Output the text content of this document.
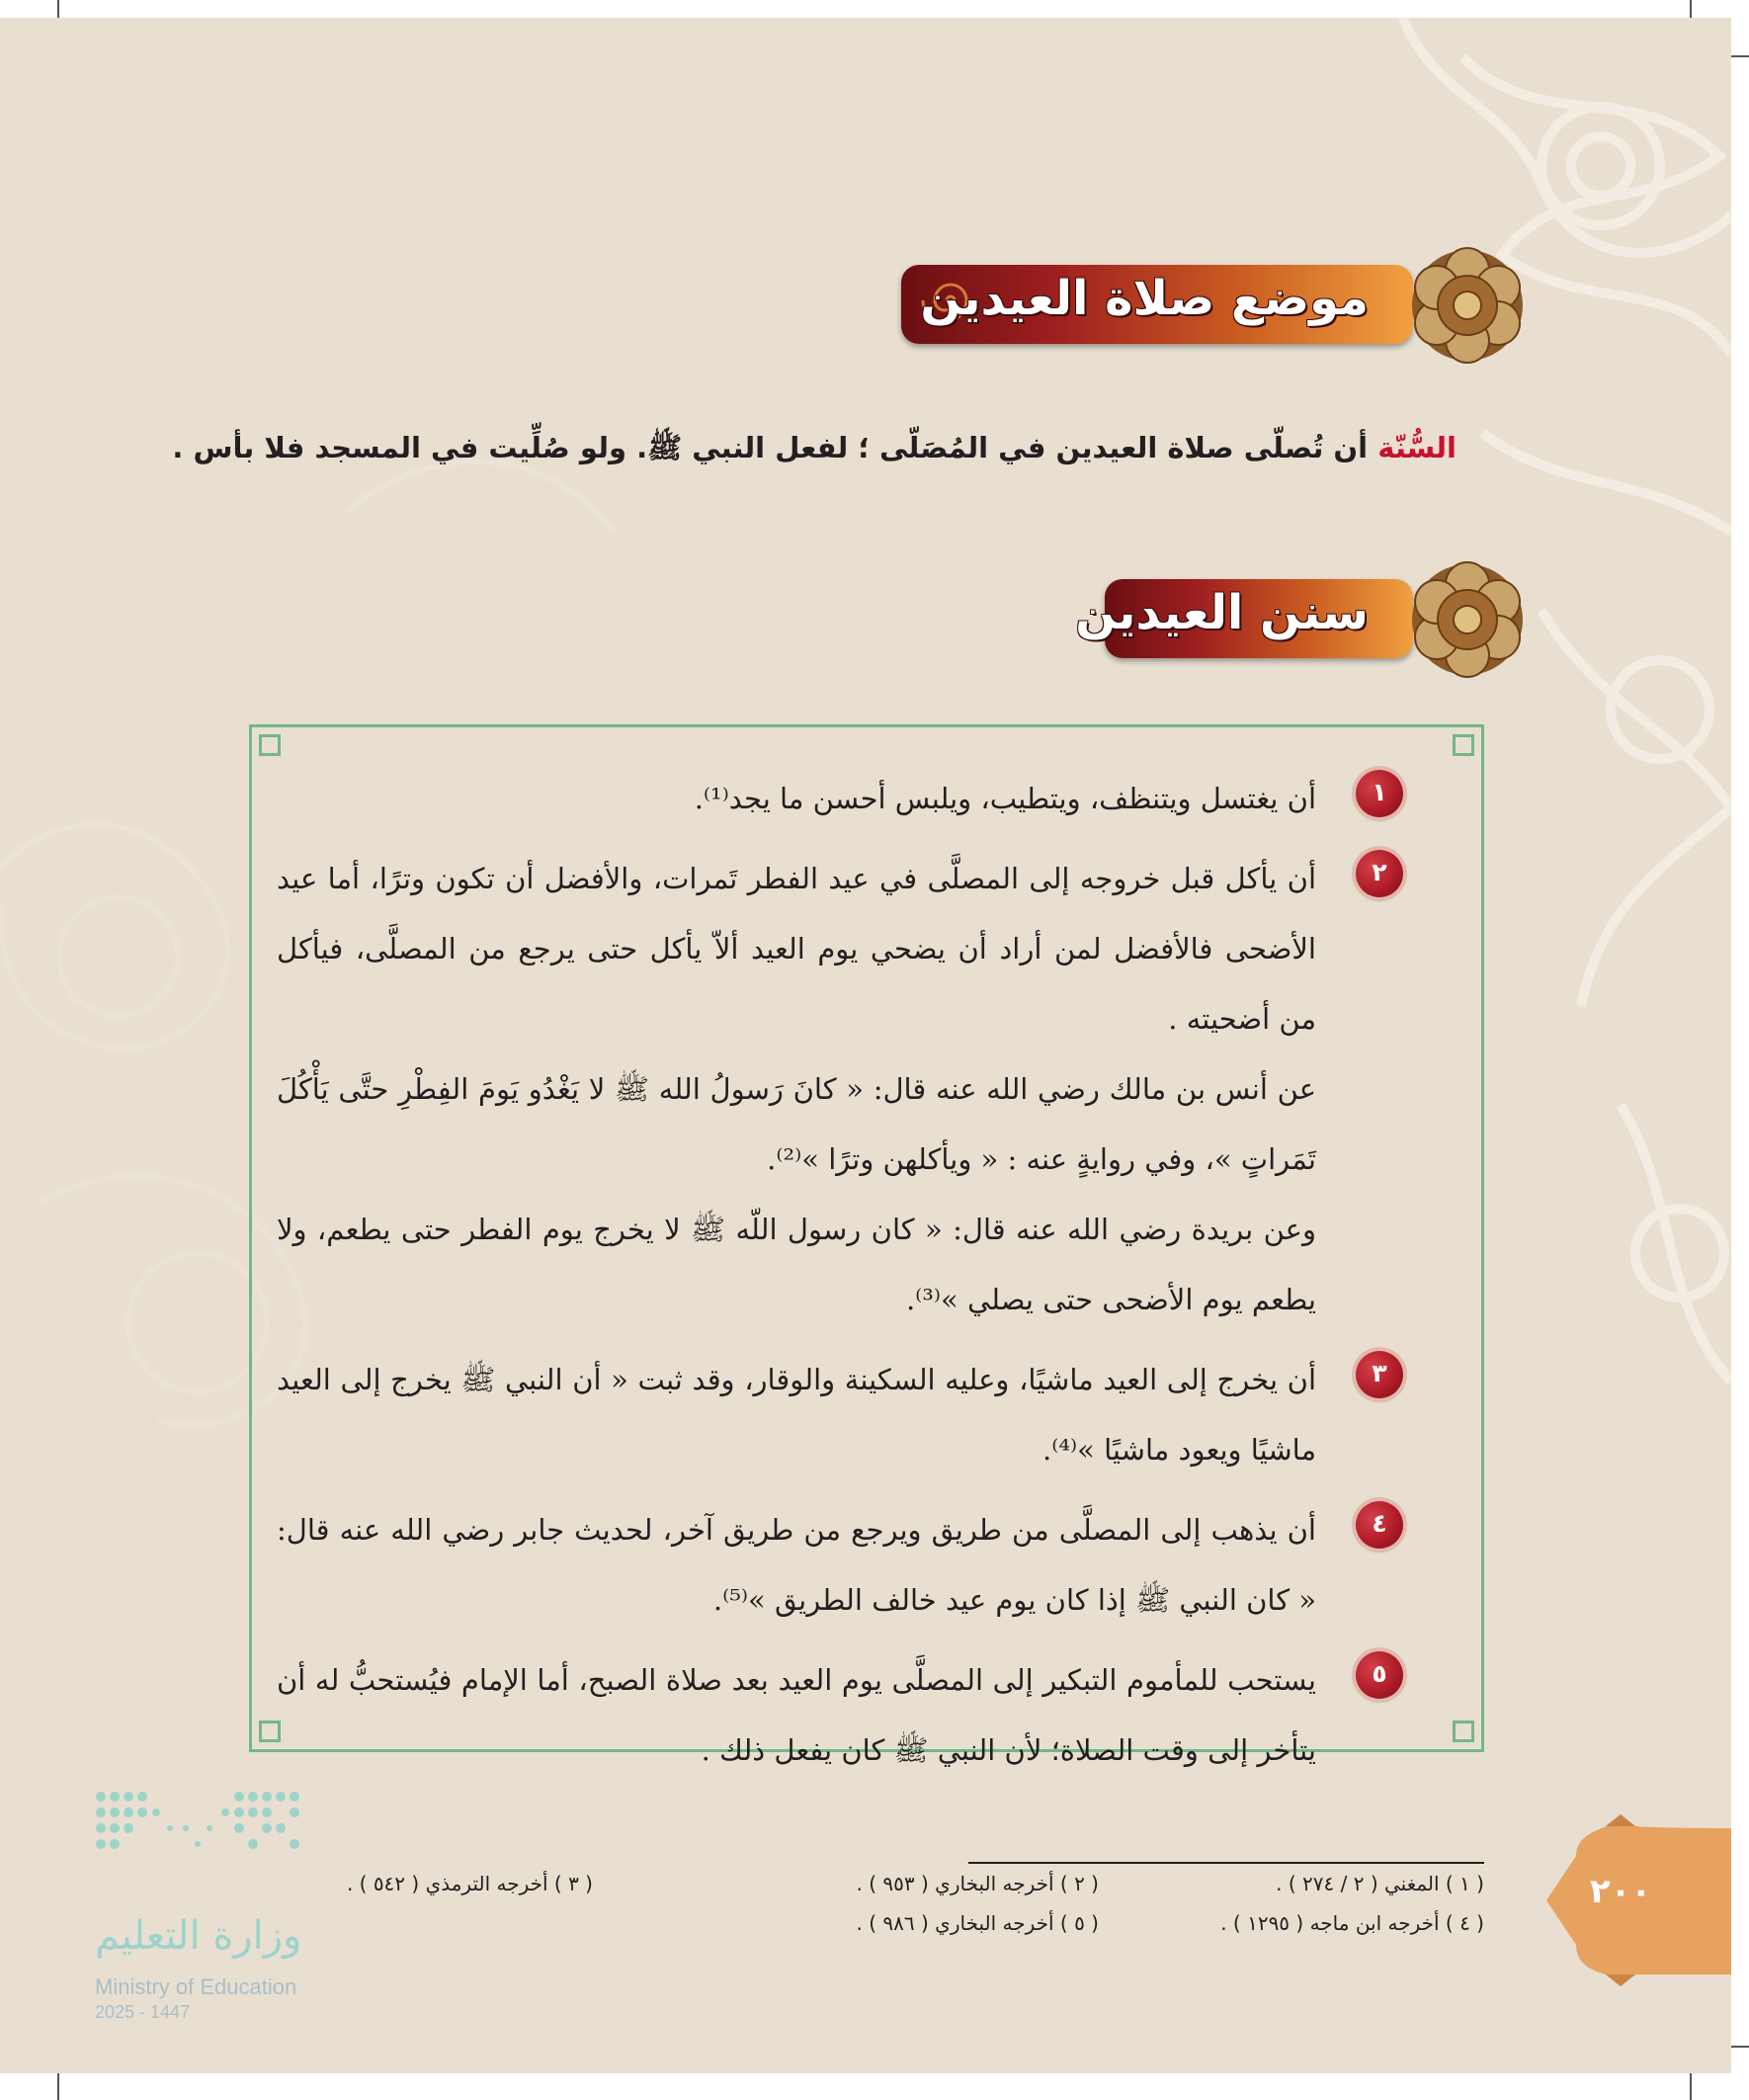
موضع صلاة العيدين
السُّنّة أن تُصلّى صلاة العيدين في المُصَلّى ؛ لفعل النبي ﷺ. ولو صُلِّيت في المسجد فلا بأس .
سنن العيدين
١

أن يغتسل ويتنظف، ويتطيب، ويلبس أحسن ما يجد⁽¹⁾.

٢

أن يأكل قبل خروجه إلى المصلَّى في عيد الفطر تَمرات، والأفضل أن تكون وترًا، أما عيد الأضحى فالأفضل لمن أراد أن يضحي يوم العيد ألاّ يأكل حتى يرجع من المصلَّى، فيأكل من أضحيته .

عن أنس بن مالك رضي الله عنه قال: « كانَ رَسولُ الله ﷺ لا يَغْدُو يَومَ الفِطْرِ حتَّى يَأْكُلَ تَمَراتٍ »، وفي روايةٍ عنه : « ويأكلهن وترًا »⁽²⁾.

وعن بريدة رضي الله عنه قال: « كان رسول اللّه ﷺ لا يخرج يوم الفطر حتى يطعم، ولا يطعم يوم الأضحى حتى يصلي »⁽³⁾.

٣

أن يخرج إلى العيد ماشيًا، وعليه السكينة والوقار، وقد ثبت « أن النبي ﷺ يخرج إلى العيد ماشيًا ويعود ماشيًا »⁽⁴⁾.

٤

أن يذهب إلى المصلَّى من طريق ويرجع من طريق آخر، لحديث جابر رضي الله عنه قال: « كان النبي ﷺ إذا كان يوم عيد خالف الطريق »⁽⁵⁾.

٥

يستحب للمأموم التبكير إلى المصلَّى يوم العيد بعد صلاة الصبح، أما الإمام فيُستحبُّ له أن يتأخر إلى وقت الصلاة؛ لأن النبي ﷺ كان يفعل ذلك .

( ١ ) المغني ( ٢ / ٢٧٤ ) .
( ٢ ) أخرجه البخاري ( ٩٥٣ ) .
( ٣ ) أخرجه الترمذي ( ٥٤٢ ) .
( ٤ ) أخرجه ابن ماجه ( ١٢٩٥ ) .
( ٥ ) أخرجه البخاري ( ٩٨٦ ) .
٢٠٠
وزارة التعليم
Ministry of Education
2025 - 1447
